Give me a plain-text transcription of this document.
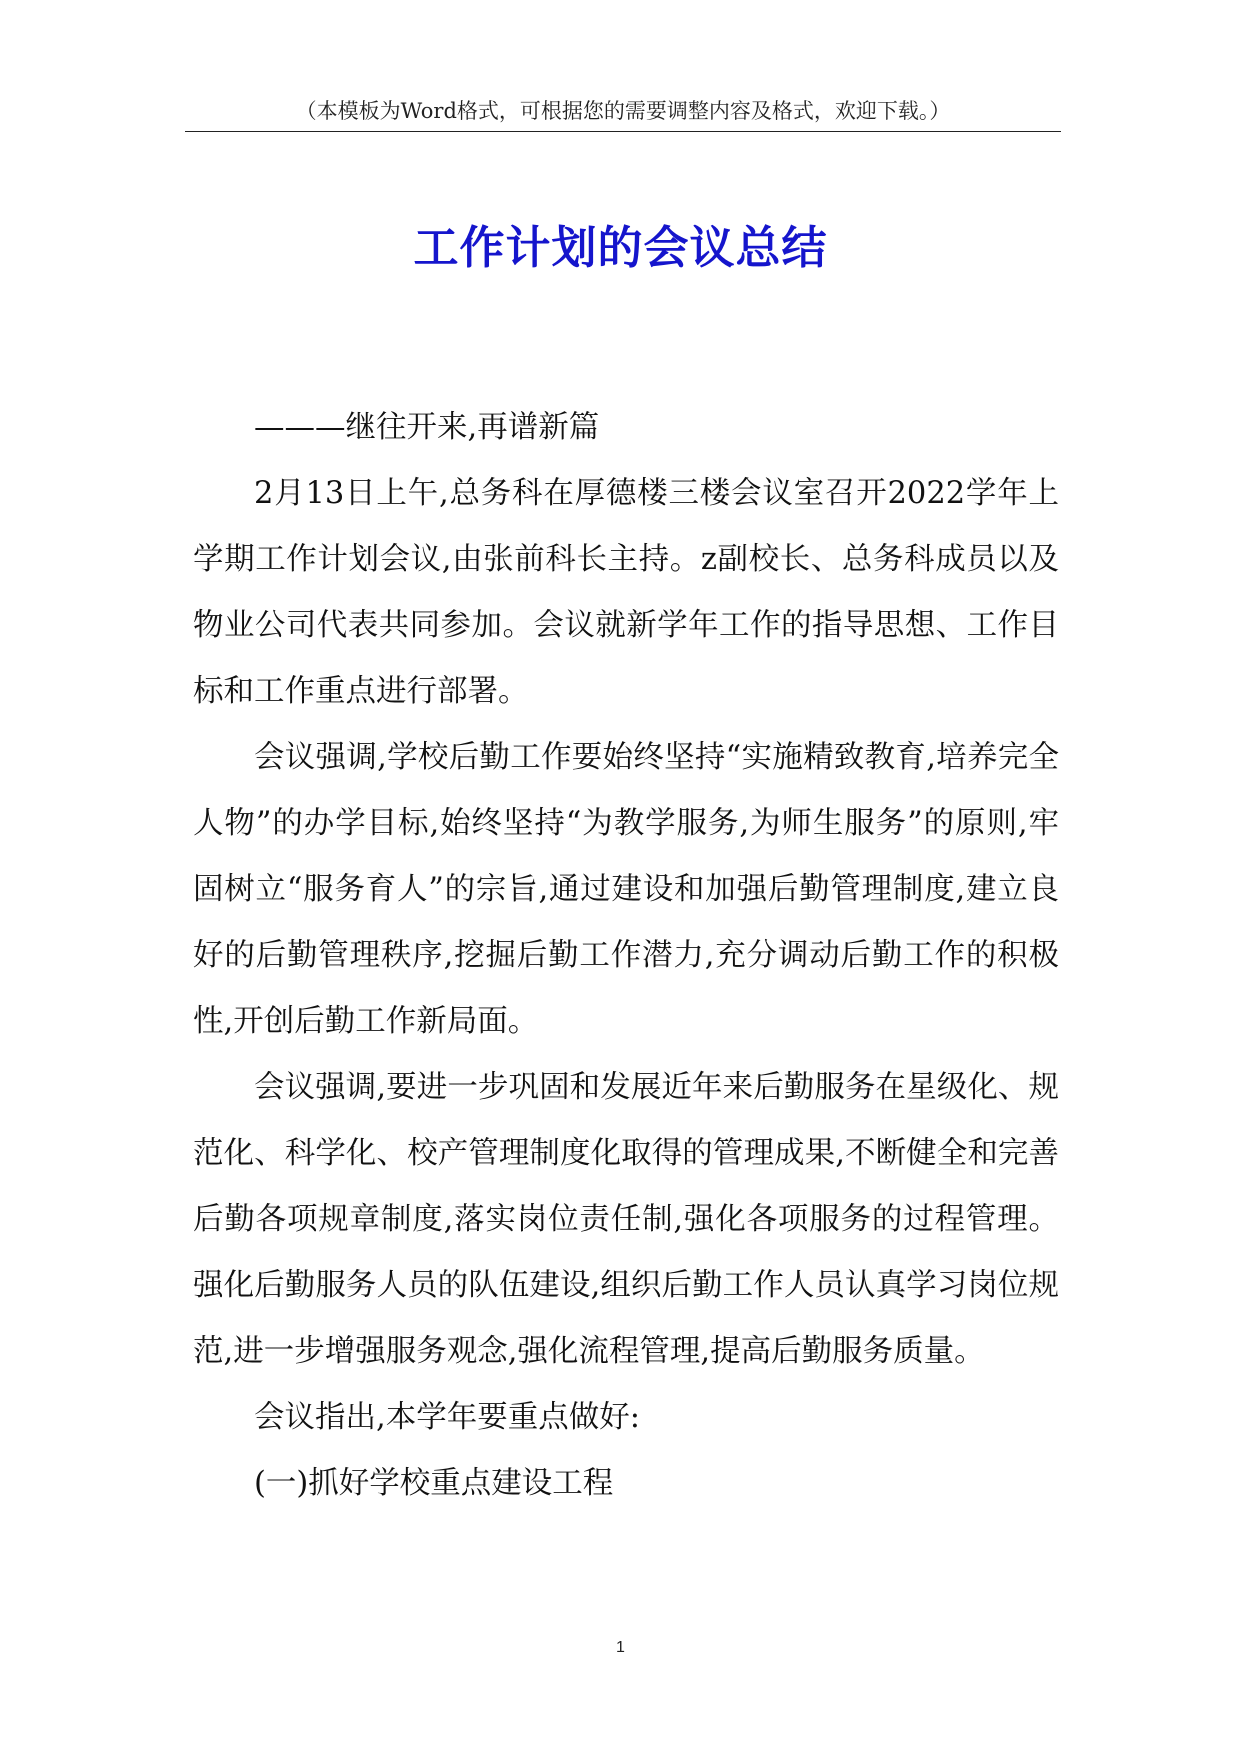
（本模板为Word格式，可根据您的需要调整内容及格式，欢迎下载。）
工作计划的会议总结

———继往开来,再谱新篇

2月13日上午,总务科在厚德楼三楼会议室召开2022学年上学期工作计划会议,由张前科长主持。z副校长、总务科成员以及物业公司代表共同参加。会议就新学年工作的指导思想、工作目标和工作重点进行部署。

会议强调,学校后勤工作要始终坚持“实施精致教育,培养完全人物”的办学目标,始终坚持“为教学服务,为师生服务”的原则,牢固树立“服务育人”的宗旨,通过建设和加强后勤管理制度,建立良好的后勤管理秩序,挖掘后勤工作潜力,充分调动后勤工作的积极性,开创后勤工作新局面。

会议强调,要进一步巩固和发展近年来后勤服务在星级化、规范化、科学化、校产管理制度化取得的管理成果,不断健全和完善后勤各项规章制度,落实岗位责任制,强化各项服务的过程管理。强化后勤服务人员的队伍建设,组织后勤工作人员认真学习岗位规范,进一步增强服务观念,强化流程管理,提高后勤服务质量。

会议指出,本学年要重点做好:

(一)抓好学校重点建设工程

1
